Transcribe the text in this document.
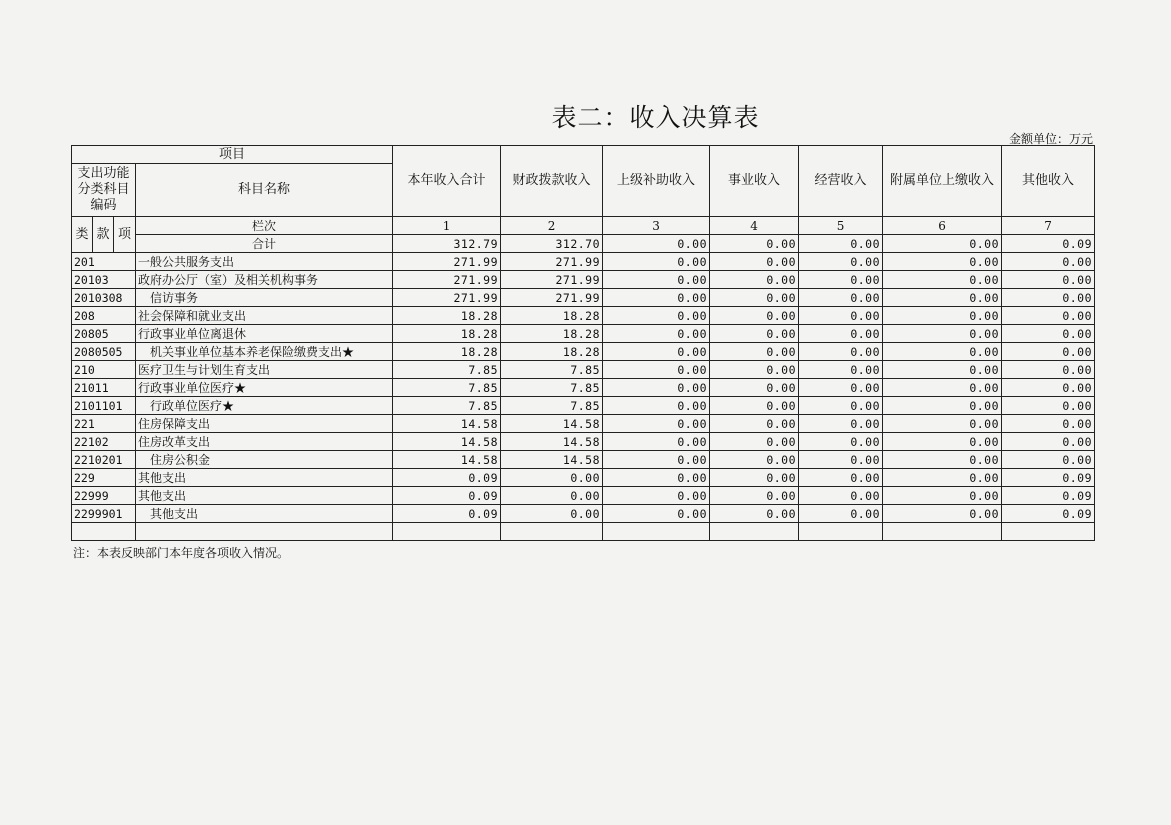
表二：收入决算表
金额单位：万元
项目				本年收入合计	财政拨款收入	上级补助收入	事业收入	经营收入	附属单位上缴收入	其他收入
支出功能分类科目编码			科目名称							

类	款	项	栏次	1	2	3	4	5	6	7
			合计	312.79	312.70	0.00	0.00	0.00	0.00	0.09
201			一般公共服务支出	271.99	271.99	0.00	0.00	0.00	0.00	0.00
20103			政府办公厅（室）及相关机构事务	271.99	271.99	0.00	0.00	0.00	0.00	0.00
2010308			信访事务	271.99	271.99	0.00	0.00	0.00	0.00	0.00
208			社会保障和就业支出	18.28	18.28	0.00	0.00	0.00	0.00	0.00
20805			行政事业单位离退休	18.28	18.28	0.00	0.00	0.00	0.00	0.00
2080505			机关事业单位基本养老保险缴费支出★	18.28	18.28	0.00	0.00	0.00	0.00	0.00
210			医疗卫生与计划生育支出	7.85	7.85	0.00	0.00	0.00	0.00	0.00
21011			行政事业单位医疗★	7.85	7.85	0.00	0.00	0.00	0.00	0.00
2101101			行政单位医疗★	7.85	7.85	0.00	0.00	0.00	0.00	0.00
221			住房保障支出	14.58	14.58	0.00	0.00	0.00	0.00	0.00
22102			住房改革支出	14.58	14.58	0.00	0.00	0.00	0.00	0.00
2210201			住房公积金	14.58	14.58	0.00	0.00	0.00	0.00	0.00
229			其他支出	0.09	0.00	0.00	0.00	0.00	0.00	0.09
22999			其他支出	0.09	0.00	0.00	0.00	0.00	0.00	0.09
2299901			其他支出	0.09	0.00	0.00	0.00	0.00	0.00	0.09

注：本表反映部门本年度各项收入情况。
